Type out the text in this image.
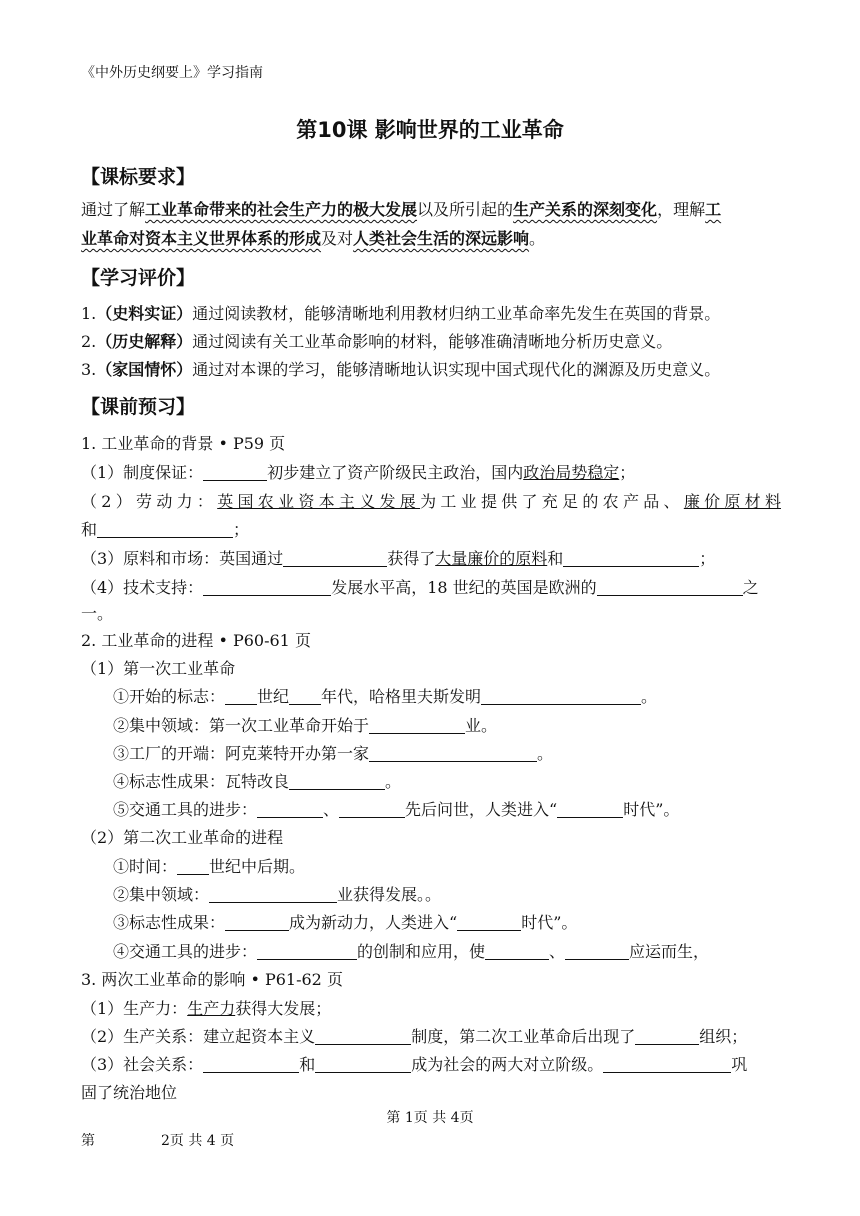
《中外历史纲要上》学习指南
第10课 影响世界的工业革命
【课标要求】
通过了解工业革命带来的社会生产力的极大发展以及所引起的生产关系的深刻变化，理解工
业革命对资本主义世界体系的形成及对人类社会生活的深远影响。
【学习评价】
1.（史料实证）通过阅读教材，能够清晰地利用教材归纳工业革命率先发生在英国的背景。
2.（历史解释）通过阅读有关工业革命影响的材料，能够准确清晰地分析历史意义。
3.（家国情怀）通过对本课的学习，能够清晰地认识实现中国式现代化的渊源及历史意义。
【课前预习】
1. 工业革命的背景 • P59 页
（1）制度保证：	初步建立了资产阶级民主政治，国内政治局势稳定；
（2）劳动力：英国农业资本主义发展为工业提供了充足的农产品、廉价原材料
和	；
（3）原料和市场：英国通过	获得了大量廉价的原料和	；
（4）技术支持：	发展水平高，18 世纪的英国是欧洲的	之
一。
2. 工业革命的进程 • P60-61 页
（1）第一次工业革命
①开始的标志： 世纪 年代，哈格里夫斯发明	。
②集中领域：第一次工业革命开始于	业。
③工厂的开端：阿克莱特开办第一家	。
④标志性成果：瓦特改良	。
⑤交通工具的进步：	、	先后问世，人类进入“	时代”。
（2）第二次工业革命的进程
①时间： 世纪中后期。
②集中领域：	业获得发展。。
③标志性成果：	成为新动力，人类进入“	时代”。
④交通工具的进步：	的创制和应用，使	、	应运而生，
3. 两次工业革命的影响 • P61-62 页
（1）生产力：生产力获得大发展；
（2）生产关系：建立起资本主义	制度，第二次工业革命后出现了	组织；
（3）社会关系：	和	成为社会的两大对立阶级。	巩
固了统治地位
第 1页 共 4页
第	2页 共 4 页
